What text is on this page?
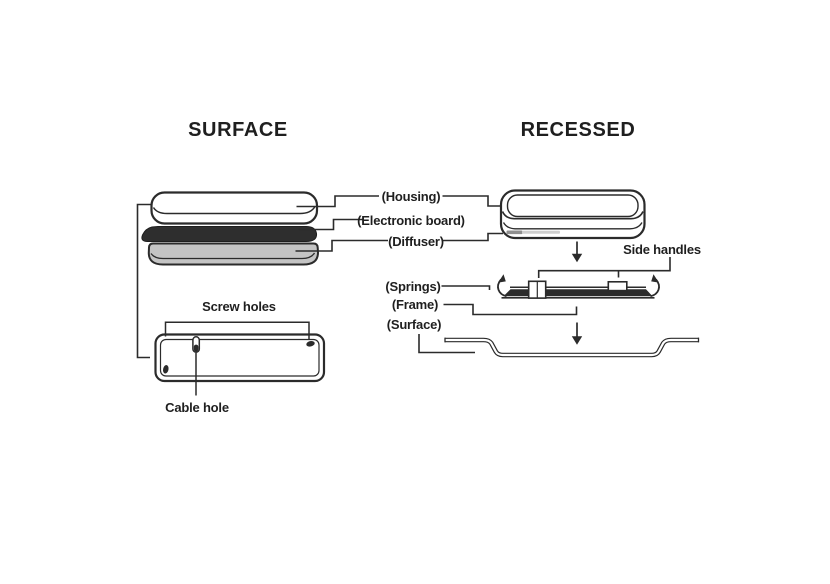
SURFACE	RECESSED
(Housing)
(Electronic board)
(Diffuser)
(Springs)
(Frame)
(Surface)
Side handles
Screw holes
Cable hole
